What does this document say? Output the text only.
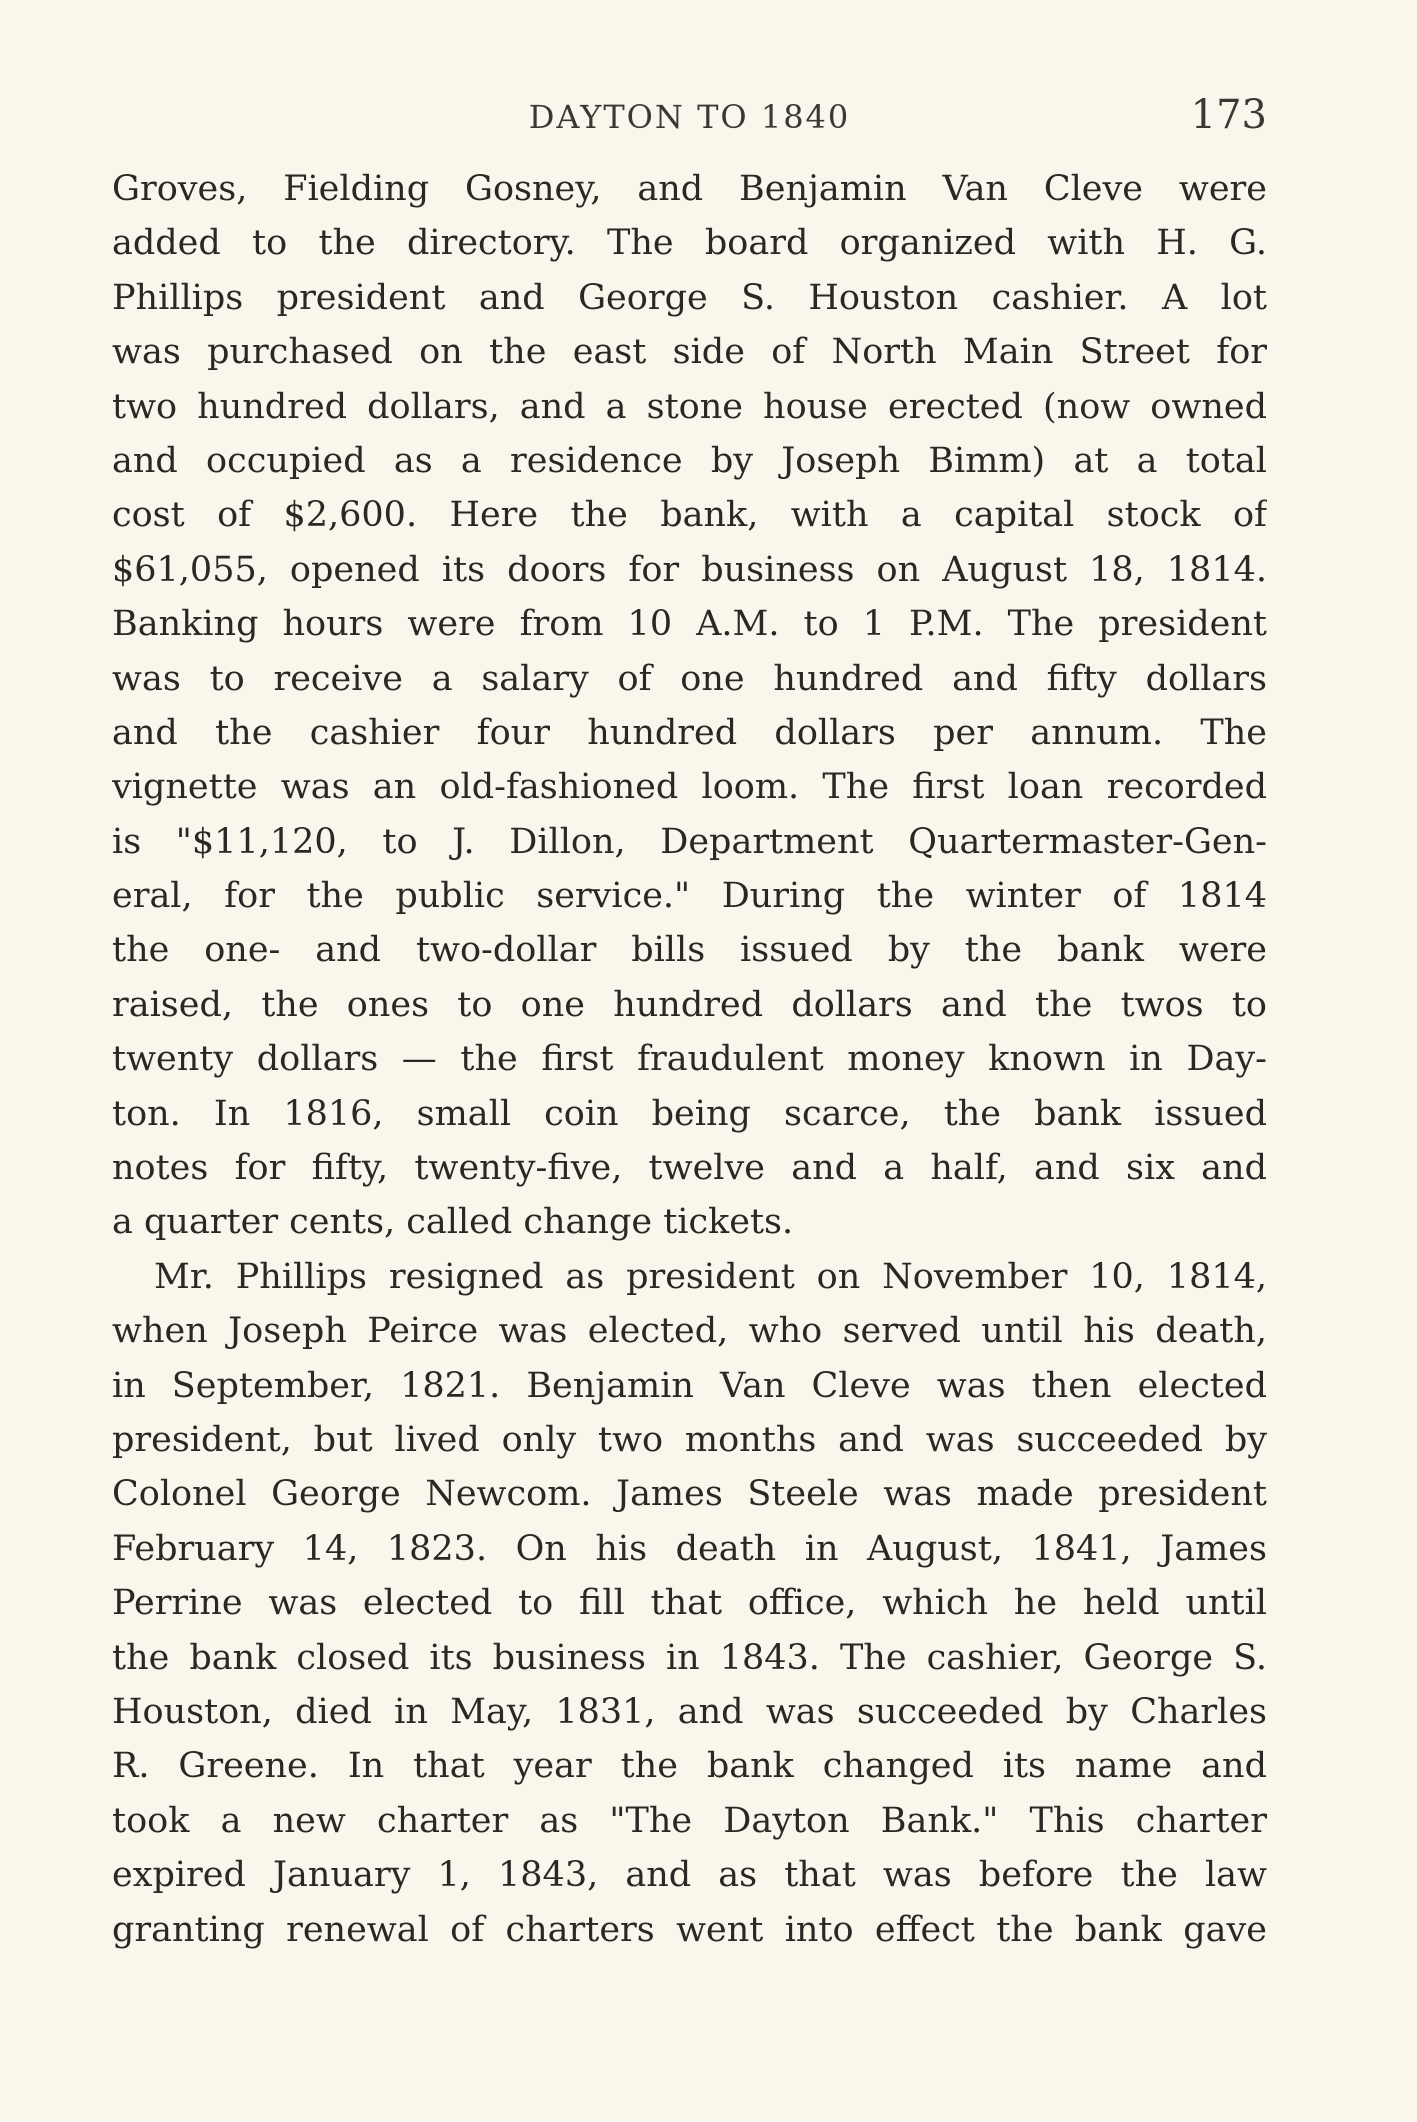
DAYTON TO 1840	173
Groves, Fielding Gosney, and Benjamin Van Cleve were
added to the directory. The board organized with H. G.
Phillips president and George S. Houston cashier. A lot
was purchased on the east side of North Main Street for
two hundred dollars, and a stone house erected (now owned
and occupied as a residence by Joseph Bimm) at a total
cost of $2,600. Here the bank, with a capital stock of
$61,055, opened its doors for business on August 18, 1814.
Banking hours were from 10 A.M. to 1 P.M. The president
was to receive a salary of one hundred and fifty dollars
and the cashier four hundred dollars per annum. The
vignette was an old-fashioned loom. The first loan recorded
is "$11,120, to J. Dillon, Department Quartermaster-Gen-
eral, for the public service." During the winter of 1814
the one- and two-dollar bills issued by the bank were
raised, the ones to one hundred dollars and the twos to
twenty dollars — the first fraudulent money known in Day-
ton. In 1816, small coin being scarce, the bank issued
notes for fifty, twenty-five, twelve and a half, and six and
a quarter cents, called change tickets.
Mr. Phillips resigned as president on November 10, 1814,
when Joseph Peirce was elected, who served until his death,
in September, 1821. Benjamin Van Cleve was then elected
president, but lived only two months and was succeeded by
Colonel George Newcom. James Steele was made president
February 14, 1823. On his death in August, 1841, James
Perrine was elected to fill that office, which he held until
the bank closed its business in 1843. The cashier, George S.
Houston, died in May, 1831, and was succeeded by Charles
R. Greene. In that year the bank changed its name and
took a new charter as "The Dayton Bank." This charter
expired January 1, 1843, and as that was before the law
granting renewal of charters went into effect the bank gave
